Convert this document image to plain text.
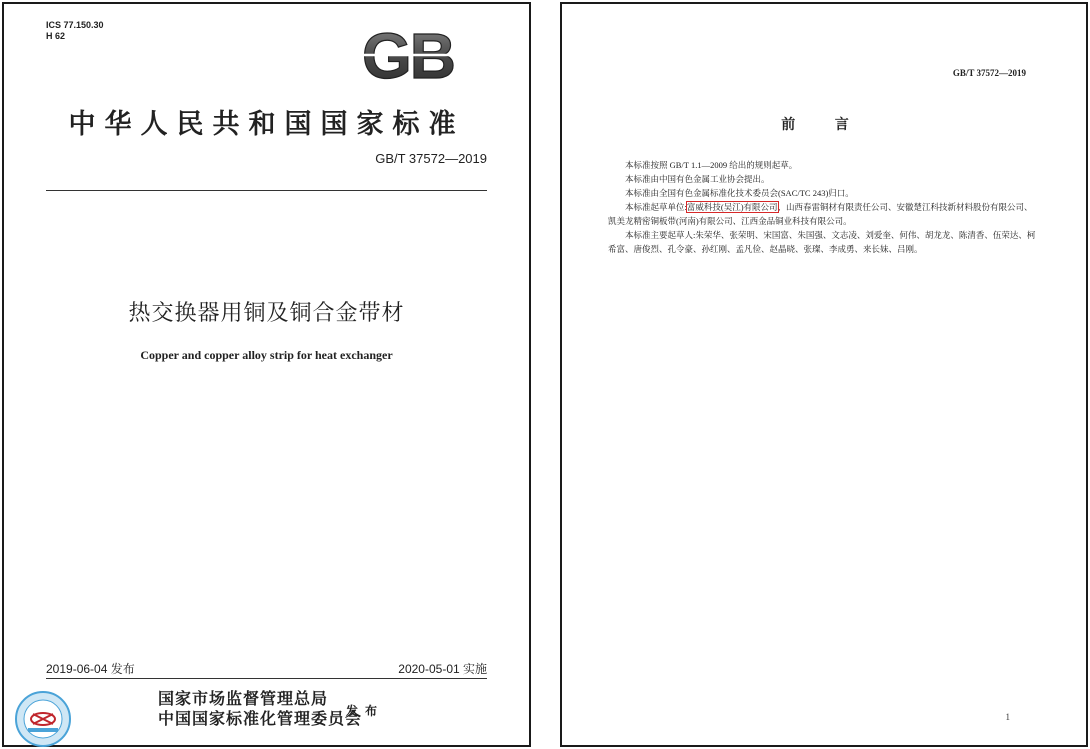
ICS 77.150.30
H 62	GB
中华人民共和国国家标准
GB/T 37572—2019
热交换器用铜及铜合金带材
Copper and copper alloy strip for heat exchanger
2019-06-04 发布	2020-05-01 实施
国家市场监督管理总局
中国国家标准化管理委员会
发 布
GB/T 37572—2019
前 言

本标准按照 GB/T 1.1—2009 给出的规则起草。

本标准由中国有色金属工业协会提出。

本标准由全国有色金属标准化技术委员会(SAC/TC 243)归口。

本标准起草单位:富威科技(吴江)有限公司、山西春雷铜材有限责任公司、安徽楚江科技新材料股份有限公司、凯美龙精密铜板带(河南)有限公司、江西金品铜业科技有限公司。

本标准主要起草人:朱荣华、张荣明、宋国富、朱国强、文志凌、刘爱奎、何伟、胡龙龙、陈清香、伍荣达、柯希富、唐俊烈、孔令豪、孙红刚、孟凡俭、赵晶晓、张璨、李成勇、来长妹、吕刚。

1
